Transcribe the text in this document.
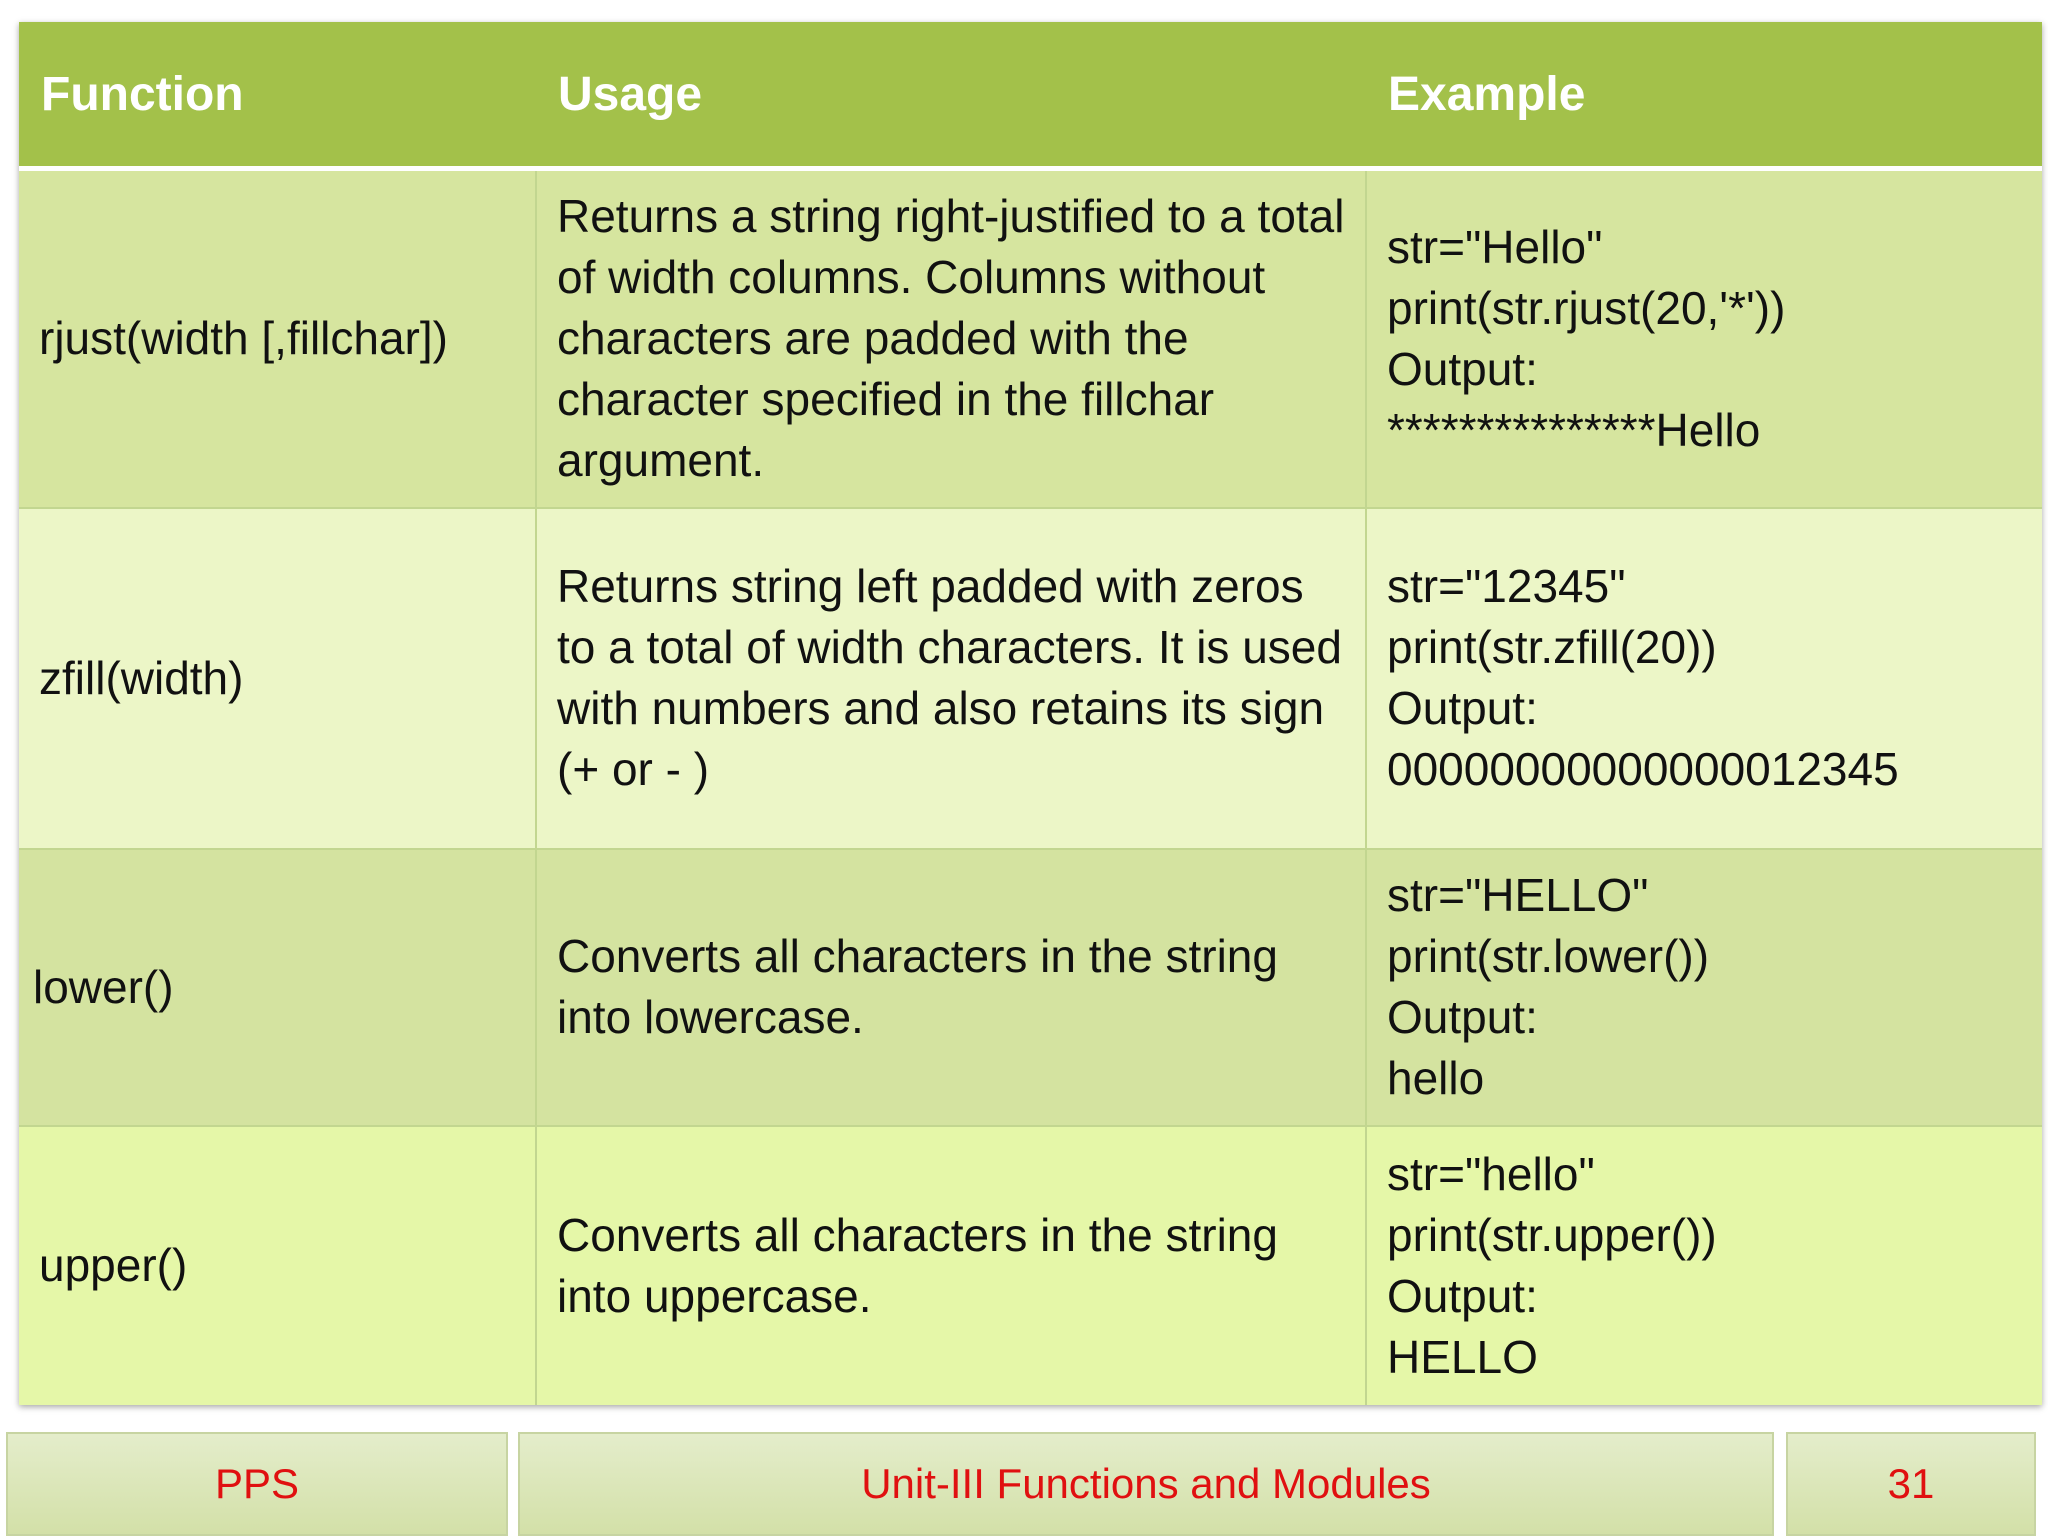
Function	Usage	Example
rjust(width [,fillchar])	Returns a string right-justified to a total of width columns. Columns without characters are padded with the character specified in the fillchar argument.	str="Hello"
print(str.rjust(20,'*'))
Output:
***************Hello

zfill(width)	Returns string left padded with zeros to a total of width characters. It is used with numbers and also retains its sign (+ or - )	str="12345"
print(str.zfill(20))
Output:
00000000000000012345

lower()	Converts all characters in the string into lowercase.	str="HELLO"
print(str.lower())
Output:
hello

upper()	Converts all characters in the string into uppercase.	str="hello"
print(str.upper())
Output:
HELLO
PPS	Unit-III Functions and Modules	31
